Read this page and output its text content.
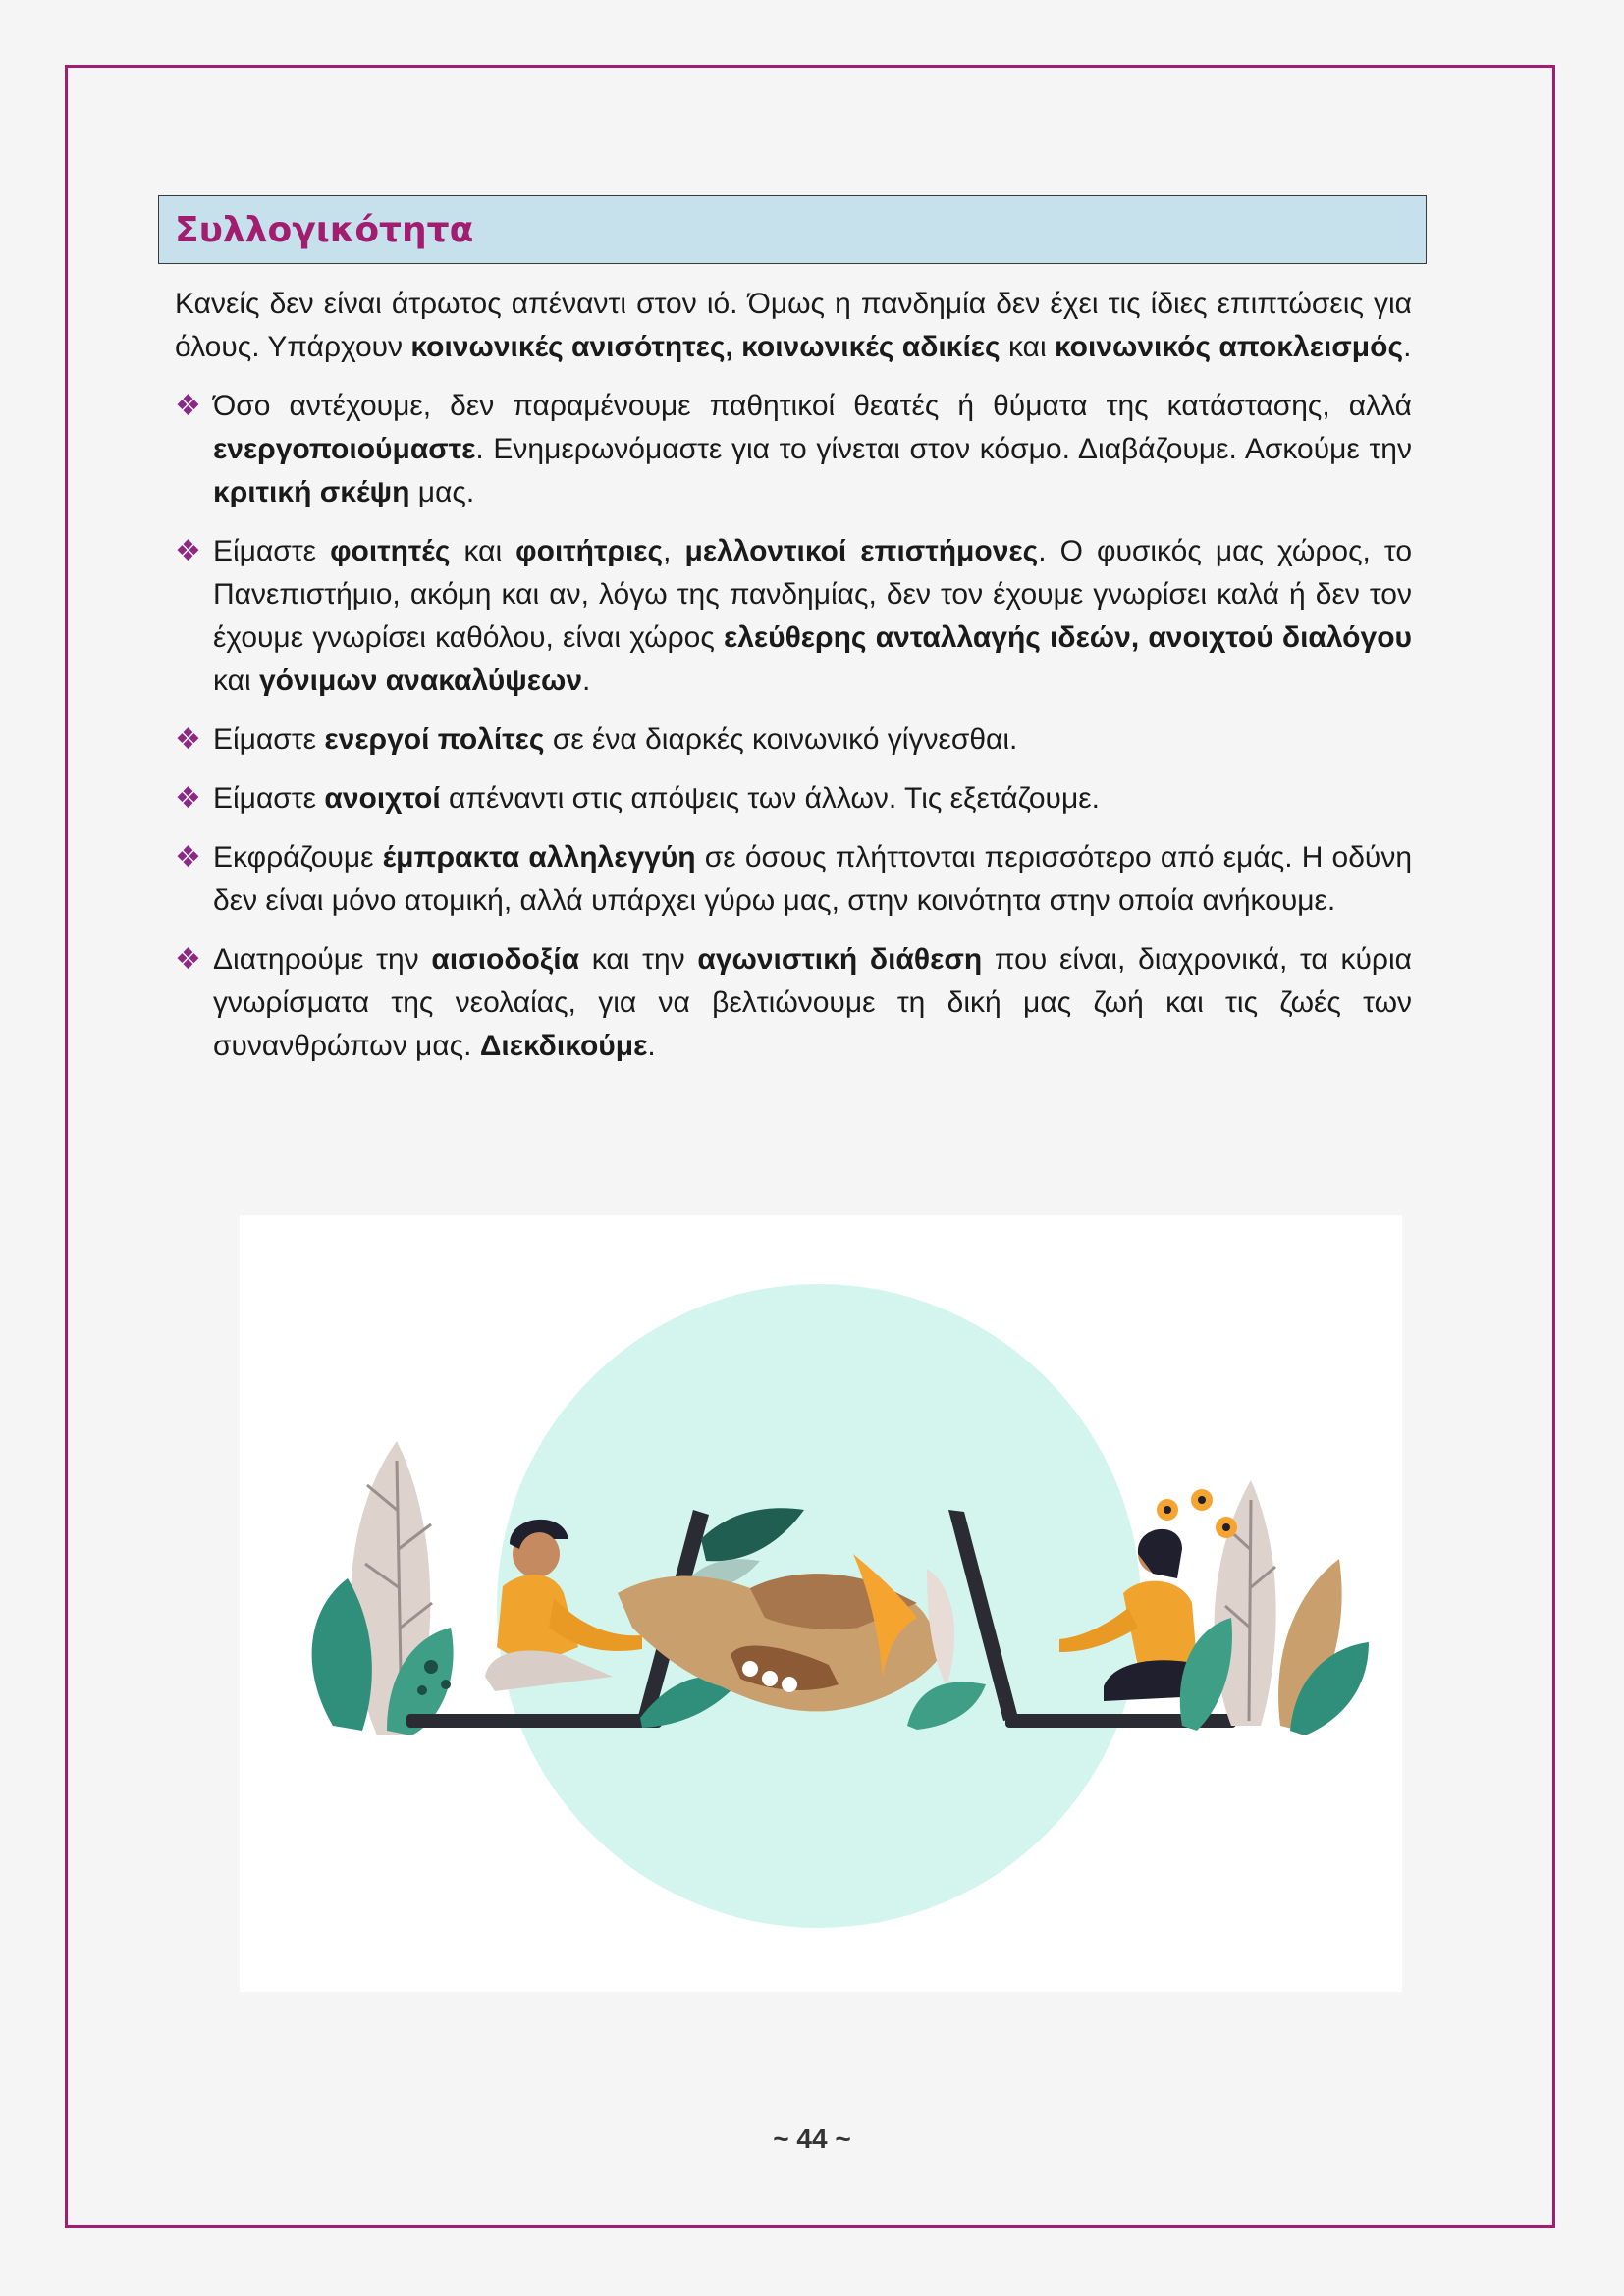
Συλλογικότητα

Κανείς δεν είναι άτρωτος απέναντι στον ιό. Όμως η πανδημία δεν έχει τις ίδιες επιπτώσεις για όλους. Υπάρχουν κοινωνικές ανισότητες, κοινωνικές αδικίες και κοινωνικός αποκλεισμός.

❖ Όσο αντέχουμε, δεν παραμένουμε παθητικοί θεατές ή θύματα της κατάστασης, αλλά ενεργοποιούμαστε. Ενημερωνόμαστε για το γίνεται στον κόσμο. Διαβάζουμε. Ασκούμε την κριτική σκέψη μας.
❖ Είμαστε φοιτητές και φοιτήτριες, μελλοντικοί επιστήμονες. Ο φυσικός μας χώρος, το Πανεπιστήμιο, ακόμη και αν, λόγω της πανδημίας, δεν τον έχουμε γνωρίσει καλά ή δεν τον έχουμε γνωρίσει καθόλου, είναι χώρος ελεύθερης ανταλλαγής ιδεών, ανοιχτού διαλόγου και γόνιμων ανακαλύψεων.
❖ Είμαστε ενεργοί πολίτες σε ένα διαρκές κοινωνικό γίγνεσθαι.
❖ Είμαστε ανοιχτοί απέναντι στις απόψεις των άλλων. Τις εξετάζουμε.
❖ Εκφράζουμε έμπρακτα αλληλεγγύη σε όσους πλήττονται περισσότερο από εμάς. Η οδύνη δεν είναι μόνο ατομική, αλλά υπάρχει γύρω μας, στην κοινότητα στην οποία ανήκουμε.
❖ Διατηρούμε την αισιοδοξία και την αγωνιστική διάθεση που είναι, διαχρονικά, τα κύρια γνωρίσματα της νεολαίας, για να βελτιώνουμε τη δική μας ζωή και τις ζωές των συνανθρώπων μας. Διεκδικούμε.
~ 44 ~
